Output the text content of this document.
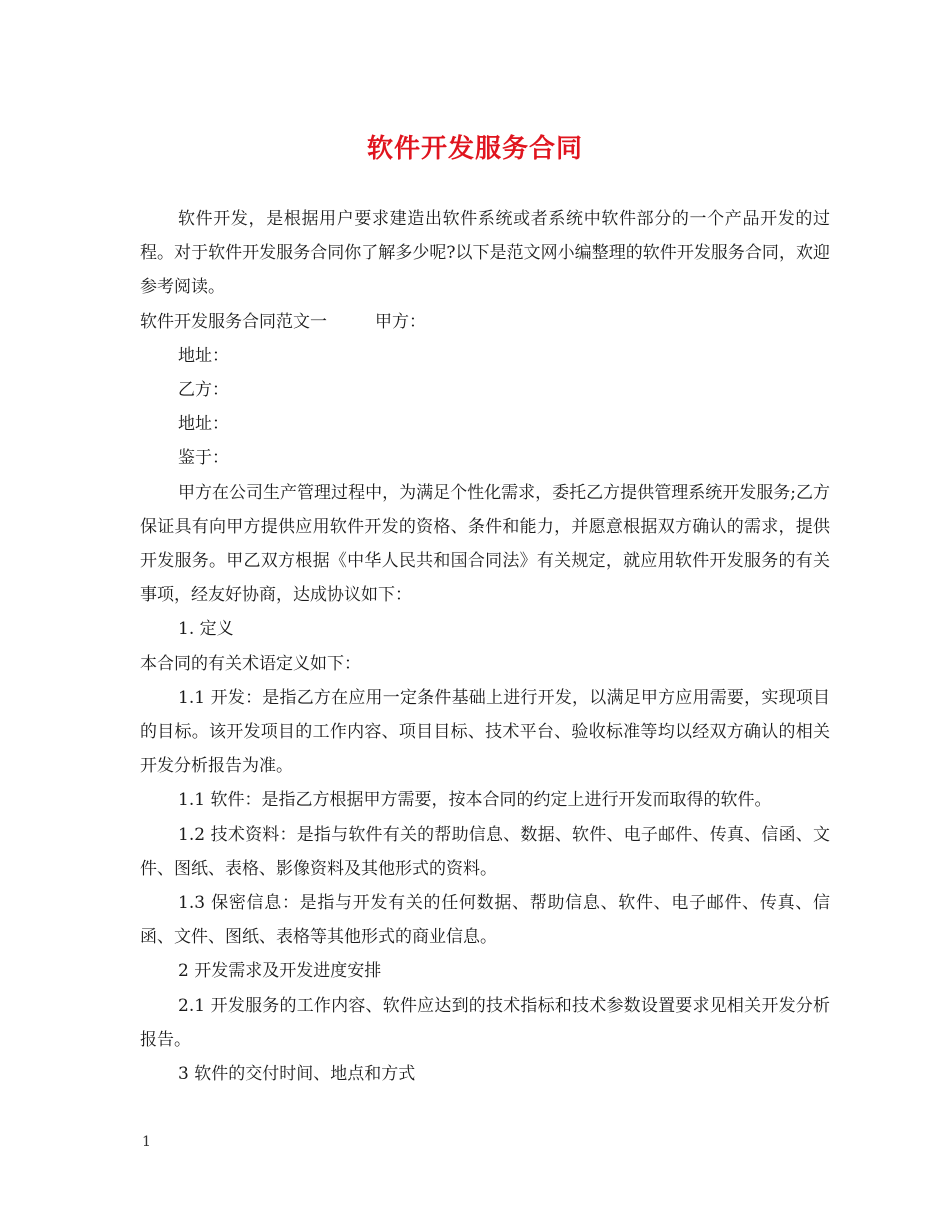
软件开发服务合同

软件开发，是根据用户要求建造出软件系统或者系统中软件部分的一个产品开发的过程。对于软件开发服务合同你了解多少呢?以下是范文网小编整理的软件开发服务合同，欢迎参考阅读。

软件开发服务合同范文一	甲方：

地址：

乙方：

地址：

鉴于：

甲方在公司生产管理过程中，为满足个性化需求，委托乙方提供管理系统开发服务;乙方保证具有向甲方提供应用软件开发的资格、条件和能力，并愿意根据双方确认的需求，提供开发服务。甲乙双方根据《中华人民共和国合同法》有关规定，就应用软件开发服务的有关事项，经友好协商，达成协议如下：

1. 定义

本合同的有关术语定义如下：

1.1 开发：是指乙方在应用一定条件基础上进行开发，以满足甲方应用需要，实现项目的目标。该开发项目的工作内容、项目目标、技术平台、验收标准等均以经双方确认的相关开发分析报告为准。

1.1 软件：是指乙方根据甲方需要，按本合同的约定上进行开发而取得的软件。

1.2 技术资料：是指与软件有关的帮助信息、数据、软件、电子邮件、传真、信函、文件、图纸、表格、影像资料及其他形式的资料。

1.3 保密信息：是指与开发有关的任何数据、帮助信息、软件、电子邮件、传真、信函、文件、图纸、表格等其他形式的商业信息。

2 开发需求及开发进度安排

2.1 开发服务的工作内容、软件应达到的技术指标和技术参数设置要求见相关开发分析报告。

3 软件的交付时间、地点和方式

1
